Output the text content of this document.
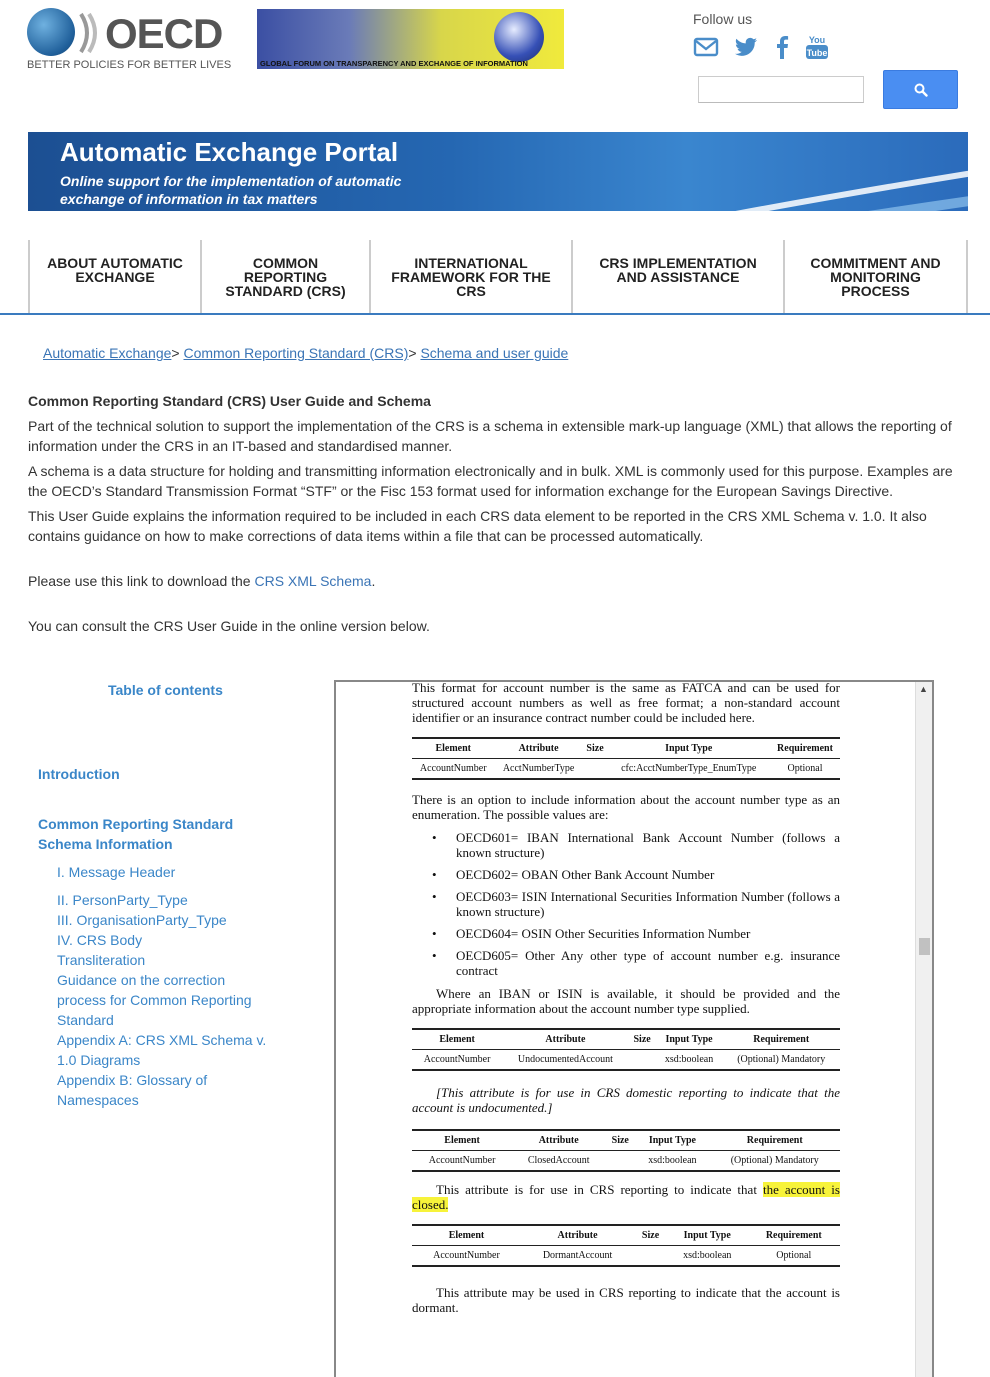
OECD
BETTER POLICIES FOR BETTER LIVES	GLOBAL FORUM ON TRANSPARENCY AND EXCHANGE OF INFORMATION
Follow us
You
Tube
Automatic Exchange Portal
Online support for the implementation of automatic exchange of information in tax matters
ABOUT AUTOMATIC EXCHANGE
COMMON REPORTING STANDARD (CRS)
INTERNATIONAL FRAMEWORK FOR THE CRS
CRS IMPLEMENTATION AND ASSISTANCE
COMMITMENT AND MONITORING PROCESS
Automatic Exchange> Common Reporting Standard (CRS)> Schema and user guide
Common Reporting Standard (CRS) User Guide and Schema

Part of the technical solution to support the implementation of the CRS is a schema in extensible mark-up language (XML) that allows the reporting of information under the CRS in an IT-based and standardised manner.

A schema is a data structure for holding and transmitting information electronically and in bulk. XML is commonly used for this purpose. Examples are the OECD’s Standard Transmission Format “STF” or the Fisc 153 format used for information exchange for the European Savings Directive.

This User Guide explains the information required to be included in each CRS data element to be reported in the CRS XML Schema v. 1.0. It also contains guidance on how to make corrections of data items within a file that can be processed automatically.

Please use this link to download the CRS XML Schema.

You can consult the CRS User Guide in the online version below.

Table of contents
Introduction
Common Reporting Standard Schema Information
I. Message Header
II. PersonParty_Type
III. OrganisationParty_Type
IV. CRS Body
Transliteration
Guidance on the correction process for Common Reporting Standard
Appendix A: CRS XML Schema v. 1.0 Diagrams
Appendix B: Glossary of Namespaces

This format for account number is the same as FATCA and can be used for structured account numbers as well as free format; a non-standard account identifier or an insurance contract number could be included here.

Element	Attribute	Size	Input Type	Requirement
AccountNumber	AcctNumberType		cfc:AcctNumberType_EnumType	Optional

There is an option to include information about the account number type as an enumeration. The possible values are:

• OECD601= IBAN International Bank Account Number (follows a known structure)
• OECD602= OBAN Other Bank Account Number
• OECD603= ISIN International Securities Information Number (follows a known structure)
• OECD604= OSIN Other Securities Information Number
• OECD605= Other Any other type of account number e.g. insurance contract

Where an IBAN or ISIN is available, it should be provided and the appropriate information about the account number type supplied.

Element	Attribute	Size	Input Type	Requirement
AccountNumber	UndocumentedAccount		xsd:boolean	(Optional) Mandatory

[This attribute is for use in CRS domestic reporting to indicate that the account is undocumented.]

Element	Attribute	Size	Input Type	Requirement
AccountNumber	ClosedAccount		xsd:boolean	(Optional) Mandatory

This attribute is for use in CRS reporting to indicate that the account is closed.

Element	Attribute	Size	Input Type	Requirement
AccountNumber	DormantAccount		xsd:boolean	Optional

This attribute may be used in CRS reporting to indicate that the account is dormant.

▲
